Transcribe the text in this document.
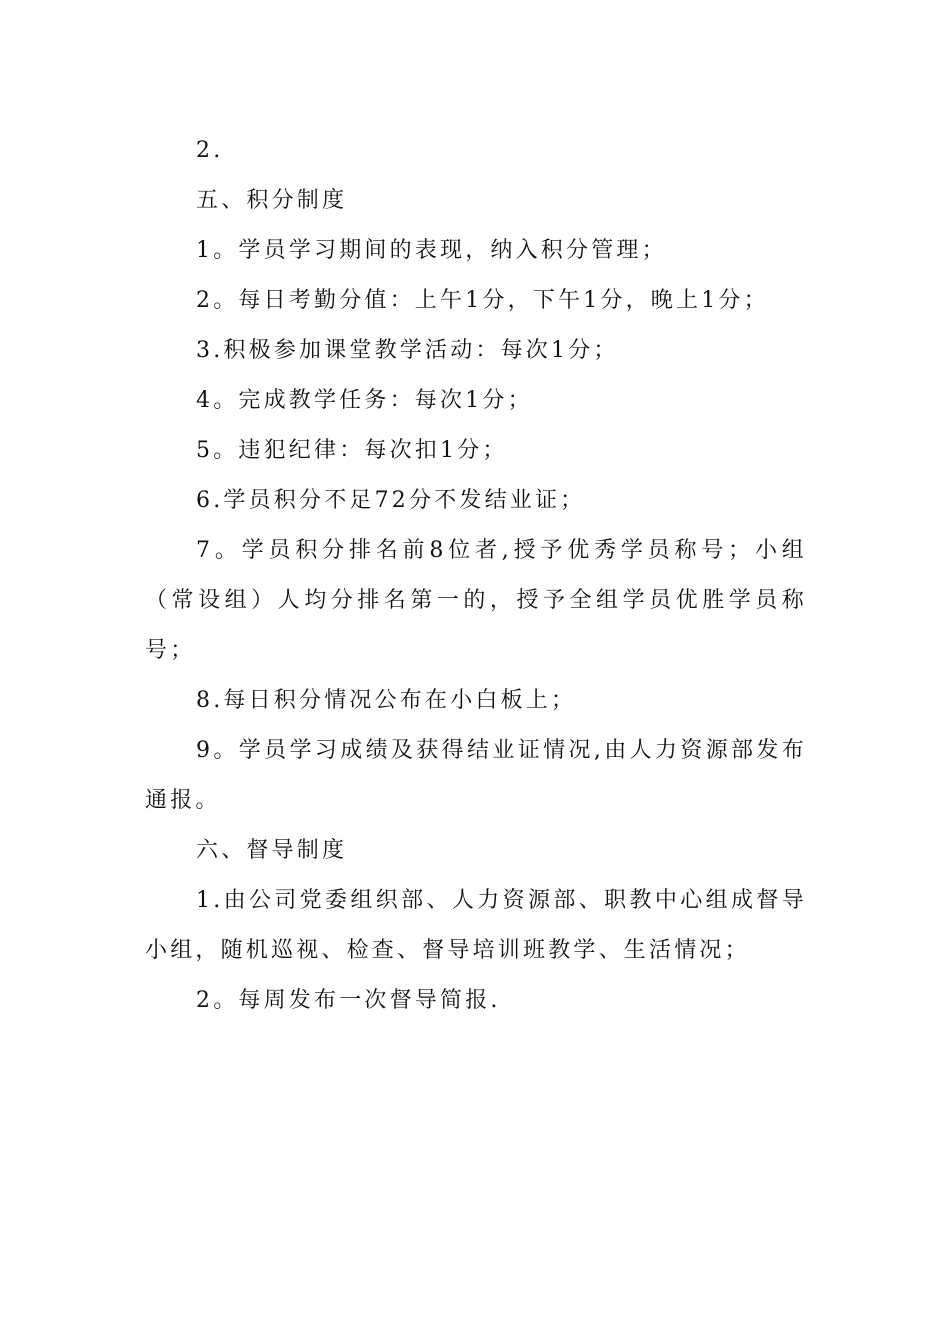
2.

五、积分制度

1。学员学习期间的表现，纳入积分管理；

2。每日考勤分值：上午1分，下午1分，晚上1分；

3.积极参加课堂教学活动：每次1分；

4。完成教学任务：每次1分；

5。违犯纪律：每次扣1分；

6.学员积分不足72分不发结业证；

7。学员积分排名前8位者,授予优秀学员称号；小组（常设组）人均分排名第一的，授予全组学员优胜学员称号；

8.每日积分情况公布在小白板上；

9。学员学习成绩及获得结业证情况,由人力资源部发布通报。

六、督导制度

1.由公司党委组织部、人力资源部、职教中心组成督导小组，随机巡视、检查、督导培训班教学、生活情况；

2。每周发布一次督导简报.
